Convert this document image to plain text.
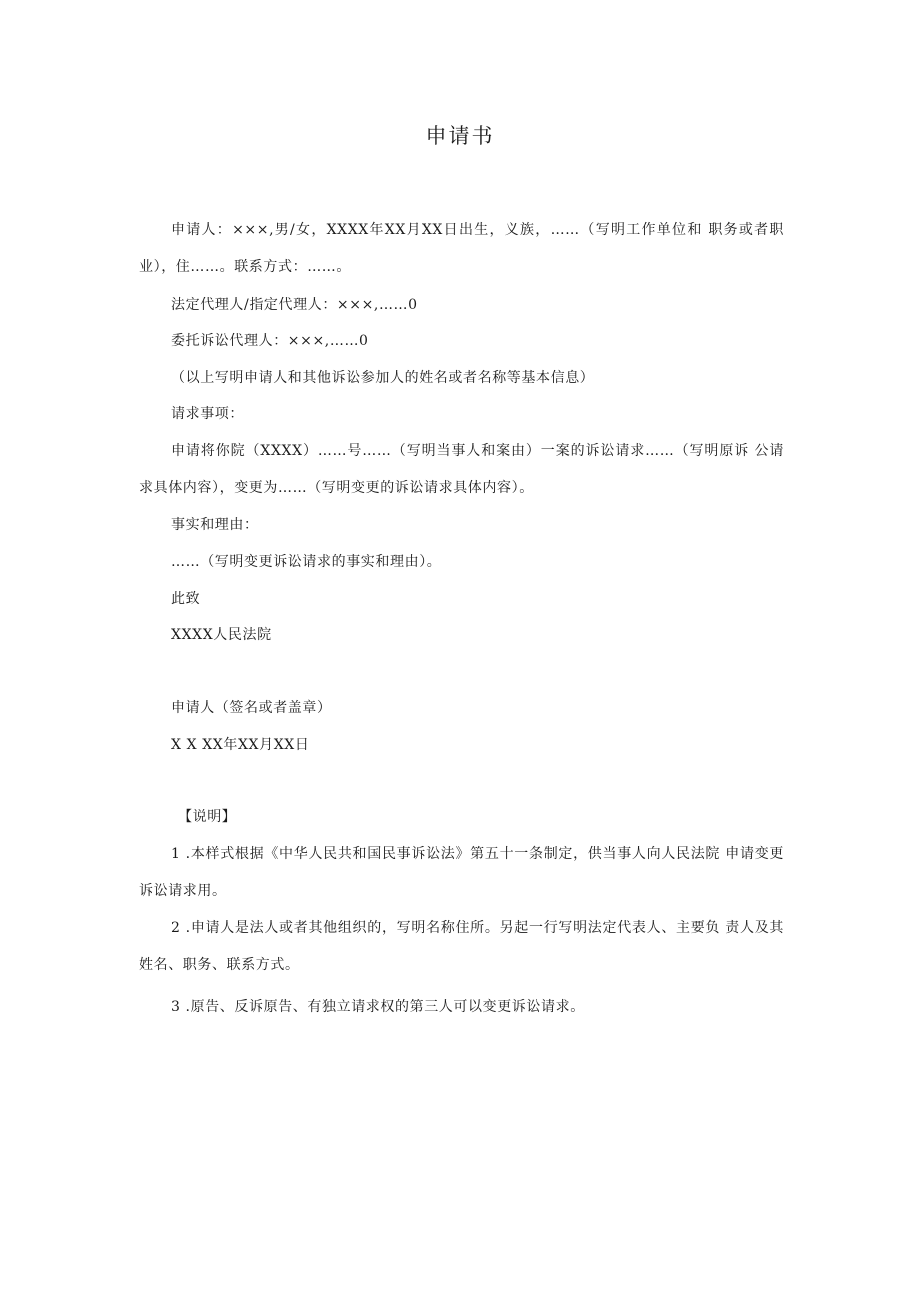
申请书
申请人：×××,男/女，XXXX年XX月XX日出生，义族，……（写明工作单位和 职务或者职业），住……。联系方式：……。
法定代理人/指定代理人：×××,……0
委托诉讼代理人：×××,……0
（以上写明申请人和其他诉讼参加人的姓名或者名称等基本信息）
请求事项：
申请将你院（XXXX）……号……（写明当事人和案由）一案的诉讼请求……（写明原诉 公请求具体内容），变更为……（写明变更的诉讼请求具体内容）。
事实和理由：
……（写明变更诉讼请求的事实和理由）。
此致
XXXX人民法院
申请人（签名或者盖章）
X X XX年XX月XX日
【说明】
1 .本样式根据《中华人民共和国民事诉讼法》第五十一条制定，供当事人向人民法院 申请变更诉讼请求用。
2 .申请人是法人或者其他组织的，写明名称住所。另起一行写明法定代表人、主要负 责人及其姓名、职务、联系方式。
3 .原告、反诉原告、有独立请求权的第三人可以变更诉讼请求。
